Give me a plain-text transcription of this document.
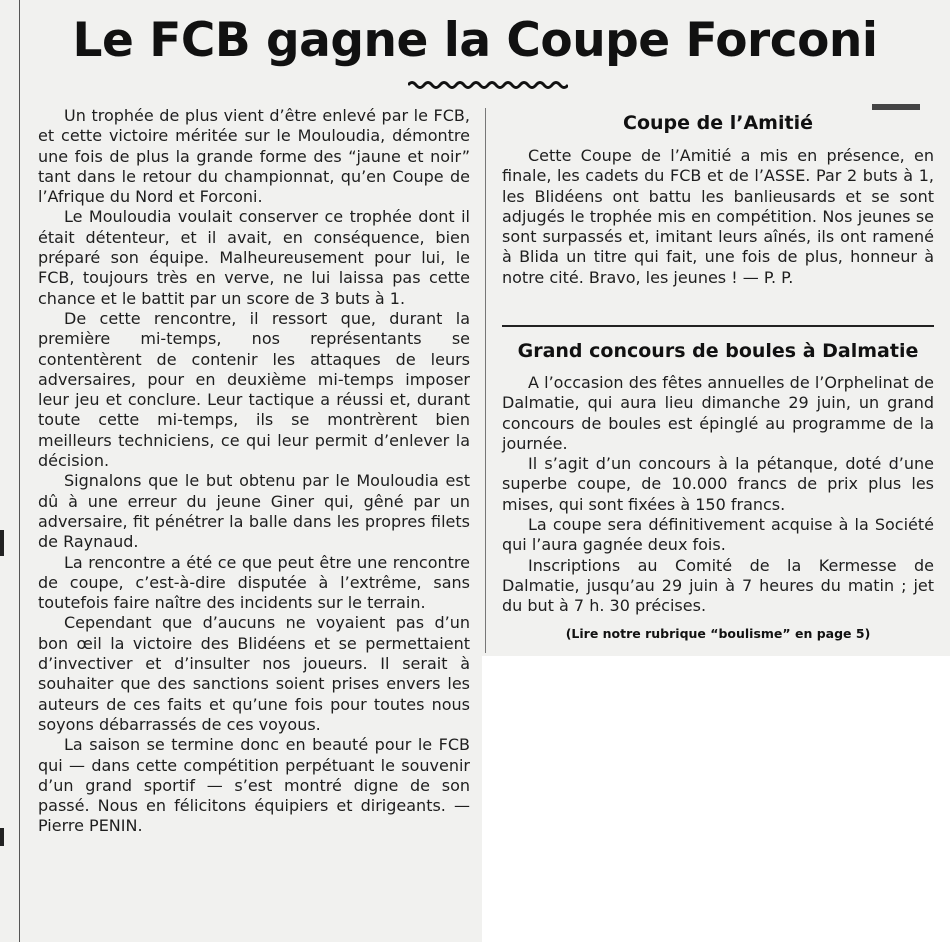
Le FCB gagne la Coupe Forconi

Un trophée de plus vient d’être enlevé par le FCB, et cette victoire méritée sur le Mouloudia, démontre une fois de plus la grande forme des “jaune et noir” tant dans le retour du championnat, qu’en Coupe de l’Afrique du Nord et Forconi.

Le Mouloudia voulait conserver ce trophée dont il était détenteur, et il avait, en conséquence, bien préparé son équipe. Malheureusement pour lui, le FCB, toujours très en verve, ne lui laissa pas cette chance et le battit par un score de 3 buts à 1.

De cette rencontre, il ressort que, durant la première mi-temps, nos représentants se contentèrent de contenir les attaques de leurs adversaires, pour en deuxième mi-temps imposer leur jeu et conclure. Leur tactique a réussi et, durant toute cette mi-temps, ils se montrèrent bien meilleurs techniciens, ce qui leur permit d’enlever la décision.

Signalons que le but obtenu par le Mouloudia est dû à une erreur du jeune Giner qui, gêné par un adversaire, fit pénétrer la balle dans les propres filets de Raynaud.

La rencontre a été ce que peut être une rencontre de coupe, c’est-à-dire disputée à l’extrême, sans toutefois faire naître des incidents sur le terrain.

Cependant que d’aucuns ne voyaient pas d’un bon œil la victoire des Blidéens et se permettaient d’invectiver et d’insulter nos joueurs. Il serait à souhaiter que des sanctions soient prises envers les auteurs de ces faits et qu’une fois pour toutes nous soyons débarrassés de ces voyous.

La saison se termine donc en beauté pour le FCB qui — dans cette compétition perpétuant le souvenir d’un grand sportif — s’est montré digne de son passé. Nous en félicitons équipiers et dirigeants. — Pierre PENIN.

Coupe de l’Amitié

Cette Coupe de l’Amitié a mis en présence, en finale, les cadets du FCB et de l’ASSE. Par 2 buts à 1, les Blidéens ont battu les banlieusards et se sont adjugés le trophée mis en compétition. Nos jeunes se sont surpassés et, imitant leurs aînés, ils ont ramené à Blida un titre qui fait, une fois de plus, honneur à notre cité. Bravo, les jeunes ! — P. P.

Grand concours de boules à Dalmatie

A l’occasion des fêtes annuelles de l’Orphelinat de Dalmatie, qui aura lieu dimanche 29 juin, un grand concours de boules est épinglé au programme de la journée.

Il s’agit d’un concours à la pétanque, doté d’une superbe coupe, de 10.000 francs de prix plus les mises, qui sont fixées à 150 francs.

La coupe sera définitivement acquise à la Société qui l’aura gagnée deux fois.

Inscriptions au Comité de la Kermesse de Dalmatie, jusqu’au 29 juin à 7 heures du matin ; jet du but à 7 h. 30 précises.

(Lire notre rubrique “boulisme” en page 5)
